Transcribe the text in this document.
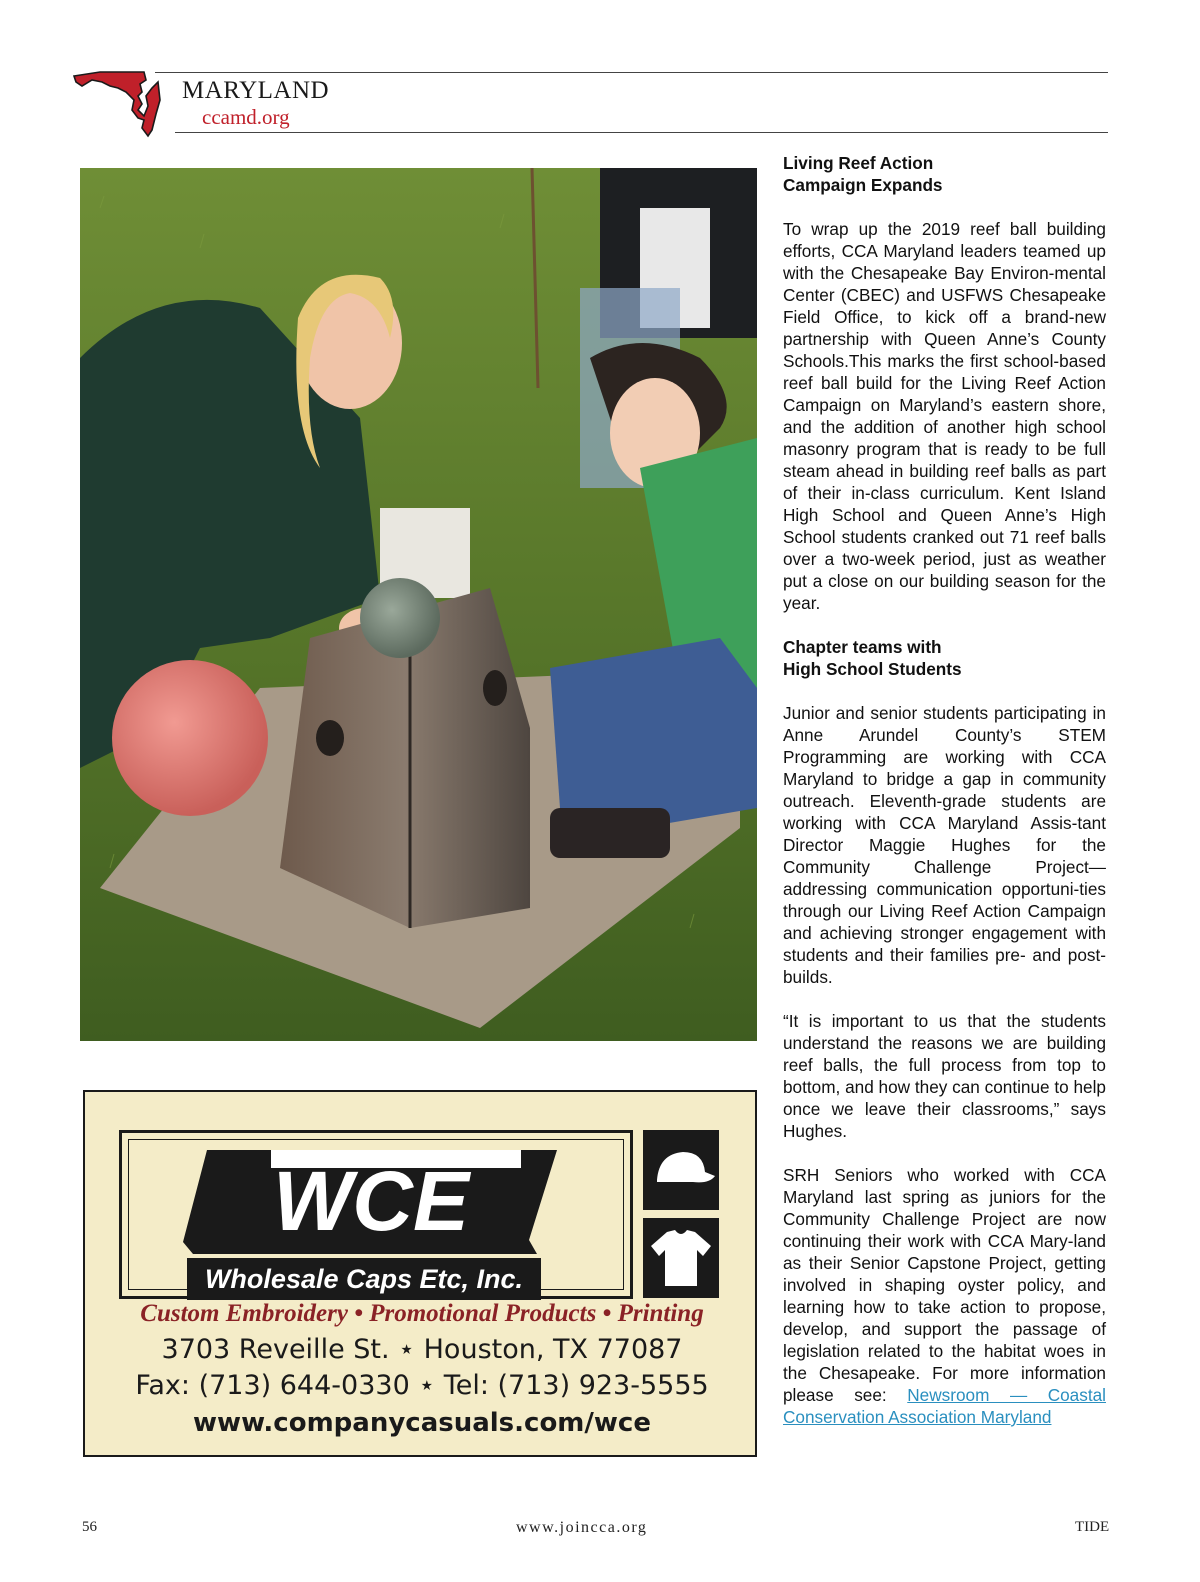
MARYLAND
ccamd.org
Living Reef Action
Campaign Expands

To wrap up the 2019 reef ball building efforts, CCA Maryland leaders teamed up with the Chesapeake Bay Environ-mental Center (CBEC) and USFWS Chesapeake Field Office, to kick off a brand-new partnership with Queen Anne’s County Schools.This marks the first school-based reef ball build for the Living Reef Action Campaign on Maryland’s eastern shore, and the addition of another high school masonry program that is ready to be full steam ahead in building reef balls as part of their in-class curriculum. Kent Island High School and Queen Anne’s High School students cranked out 71 reef balls over a two-week period, just as weather put a close on our building season for the year.

Chapter teams with
High School Students

Junior and senior students participating in Anne Arundel County’s STEM Programming are working with CCA Maryland to bridge a gap in community outreach. Eleventh-grade students are working with CCA Maryland Assis-tant Director Maggie Hughes for the Community Challenge Project—addressing communication opportuni-ties through our Living Reef Action Campaign and achieving stronger engagement with students and their families pre- and post-builds.

“It is important to us that the students understand the reasons we are building reef balls, the full process from top to bottom, and how they can continue to help once we leave their classrooms,” says Hughes.

SRH Seniors who worked with CCA Maryland last spring as juniors for the Community Challenge Project are now continuing their work with CCA Mary-land as their Senior Capstone Project, getting involved in shaping oyster policy, and learning how to take action to propose, develop, and support the passage of legislation related to the habitat woes in the Chesapeake. For more information please see: Newsroom — Coastal Conservation Association Maryland

WCE
Wholesale Caps Etc, Inc.
Custom Embroidery • Promotional Products • Printing
3703 Reveille St. ⋆ Houston, TX 77087
Fax: (713) 644-0330 ⋆ Tel: (713) 923-5555
www.companycasuals.com/wce
56	www.joincca.org	TIDE
